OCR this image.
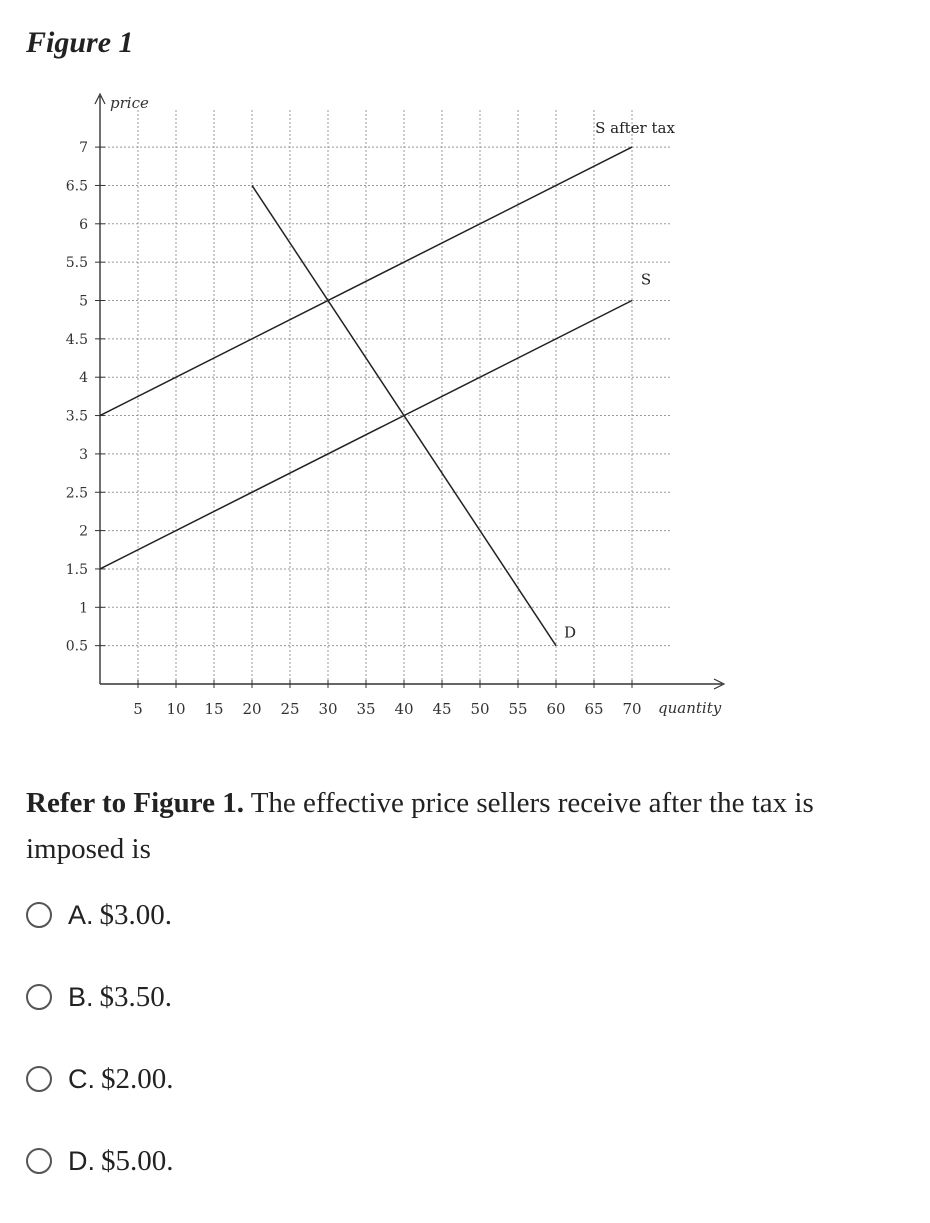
Figure 1
5 10 15 20 25 30 35 40 45 50 55 60 65 70
0.5
1
1.5
2
2.5
3
3.5
4
4.5
5
5.5
6
6.5
7
price
quantity
S after tax
S
D
Refer to Figure 1. The effective price sellers receive after the tax is imposed is
A. $3.00.
B. $3.50.
C. $2.00.
D. $5.00.
